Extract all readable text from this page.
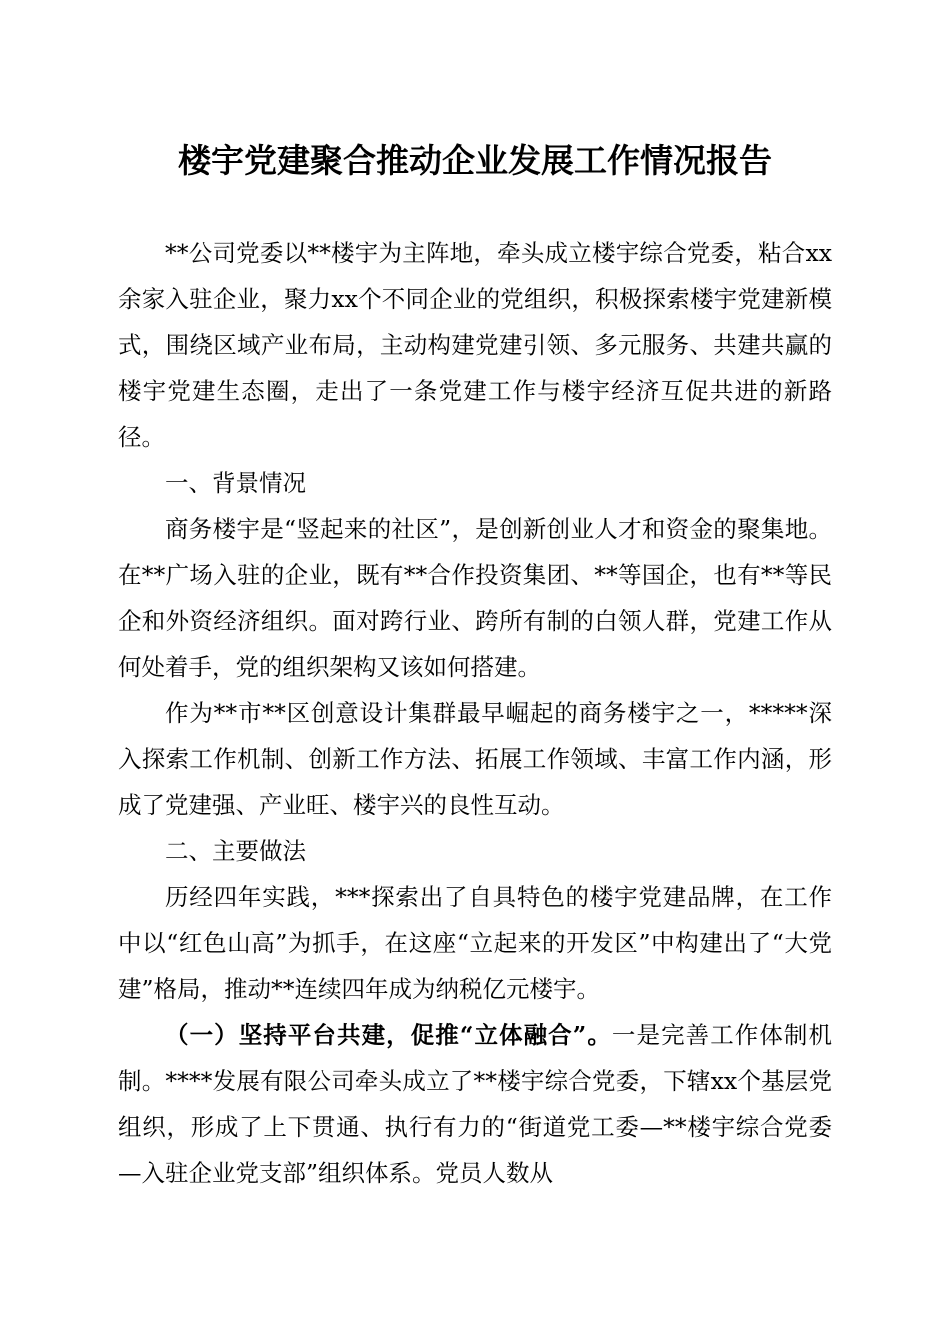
楼宇党建聚合推动企业发展工作情况报告

**公司党委以**楼宇为主阵地，牵头成立楼宇综合党委，粘合xx余家入驻企业，聚力xx个不同企业的党组织，积极探索楼宇党建新模式，围绕区域产业布局，主动构建党建引领、多元服务、共建共赢的楼宇党建生态圈，走出了一条党建工作与楼宇经济互促共进的新路径。

一、背景情况

商务楼宇是“竖起来的社区”，是创新创业人才和资金的聚集地。在**广场入驻的企业，既有**合作投资集团、**等国企，也有**等民企和外资经济组织。面对跨行业、跨所有制的白领人群，党建工作从何处着手，党的组织架构又该如何搭建。

作为**市**区创意设计集群最早崛起的商务楼宇之一，*****深入探索工作机制、创新工作方法、拓展工作领域、丰富工作内涵，形成了党建强、产业旺、楼宇兴的良性互动。

二、主要做法

历经四年实践，***探索出了自具特色的楼宇党建品牌，在工作中以“红色山高”为抓手，在这座“立起来的开发区”中构建出了“大党建”格局，推动**连续四年成为纳税亿元楼宇。

（一）坚持平台共建，促推“立体融合”。一是完善工作体制机制。****发展有限公司牵头成立了**楼宇综合党委，下辖xx个基层党组织，形成了上下贯通、执行有力的“街道党工委—**楼宇综合党委—入驻企业党支部”组织体系。党员人数从
